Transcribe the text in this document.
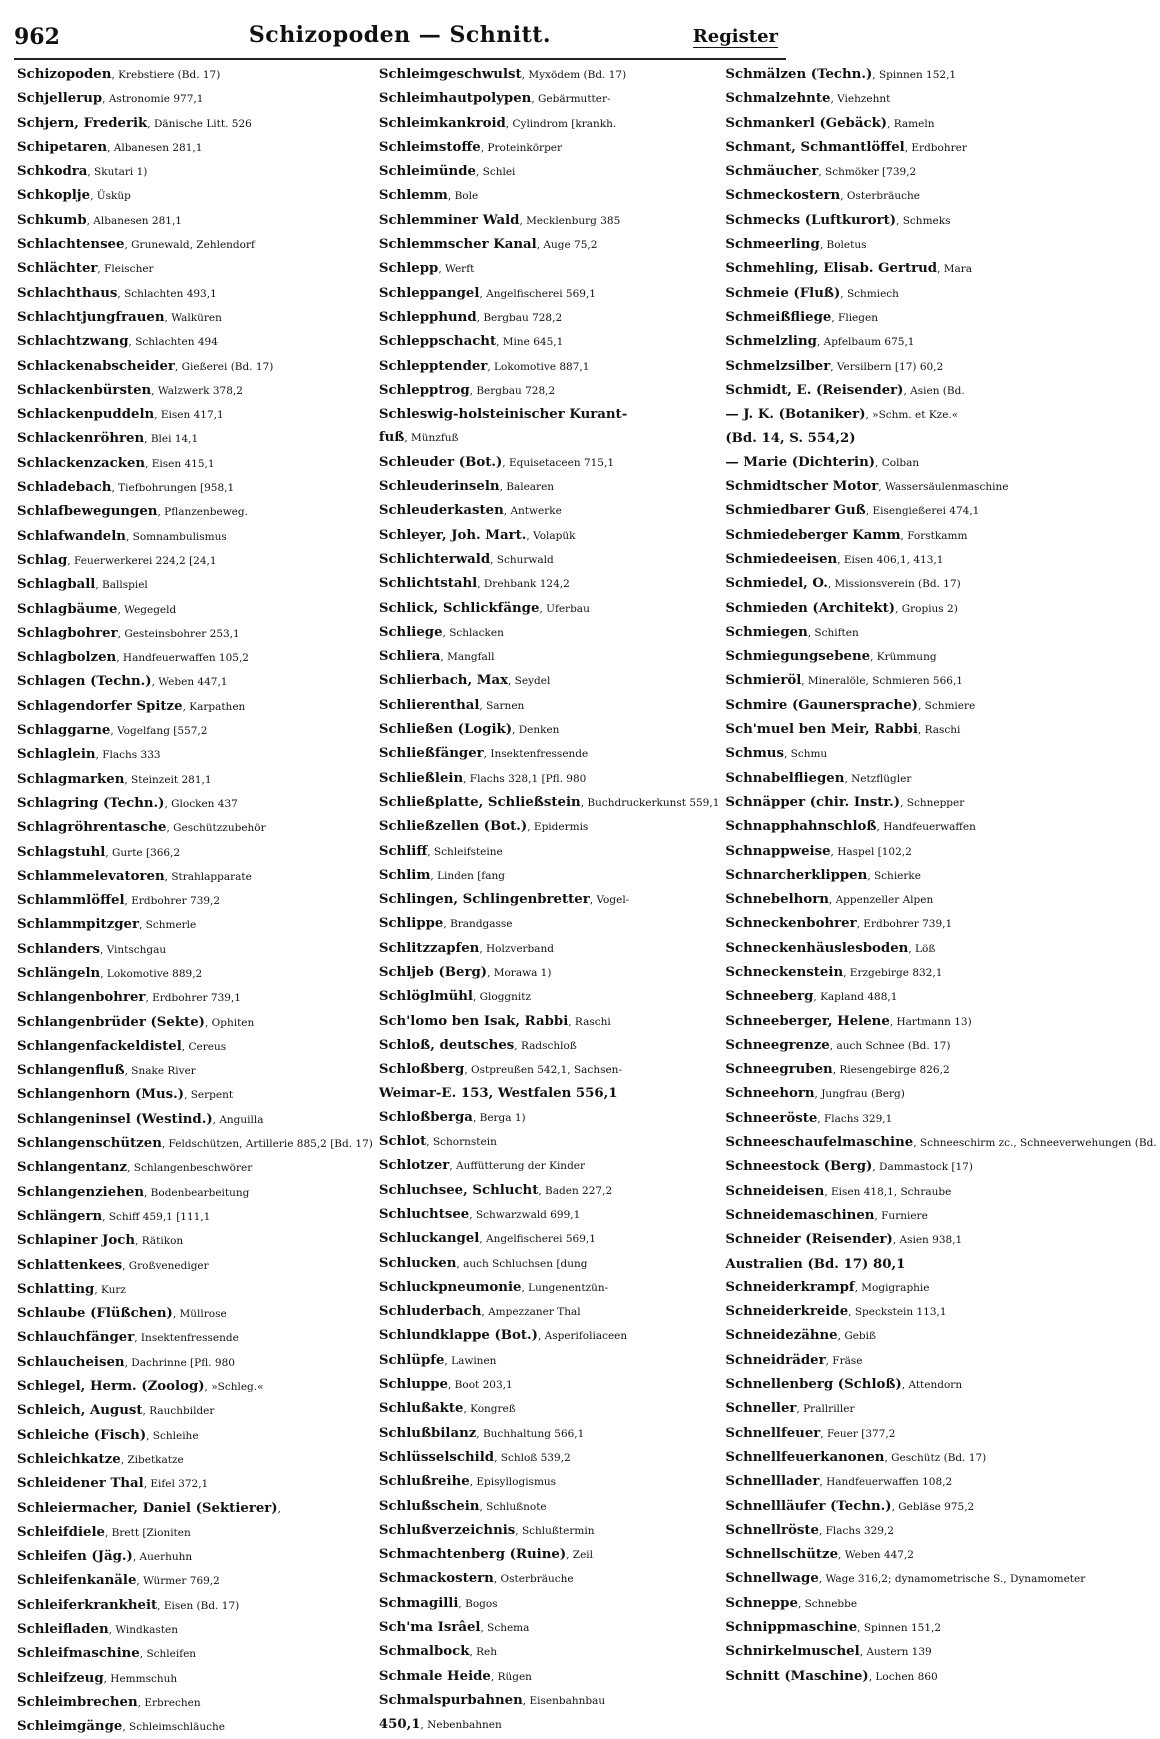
962	Schizopoden — Schnitt.	Register
Schizopoden, Krebstiere (Bd. 17)
Schjellerup, Astronomie 977,1
Schjern, Frederik, Dänische Litt. 526
Schipetaren, Albanesen 281,1
Schkodra, Skutari 1)
Schkoplje, Üsküp
Schkumb, Albanesen 281,1
Schlachtensee, Grunewald, Zehlendorf
Schlächter, Fleischer
Schlachthaus, Schlachten 493,1
Schlachtjungfrauen, Walküren
Schlachtzwang, Schlachten 494
Schlackenabscheider, Gießerei (Bd. 17)
Schlackenbürsten, Walzwerk 378,2
Schlackenpuddeln, Eisen 417,1
Schlackenröhren, Blei 14,1
Schlackenzacken, Eisen 415,1
Schladebach, Tiefbohrungen [958,1
Schlafbewegungen, Pflanzenbeweg.
Schlafwandeln, Somnambulismus
Schlag, Feuerwerkerei 224,2 [24,1
Schlagball, Ballspiel
Schlagbäume, Wegegeld
Schlagbohrer, Gesteinsbohrer 253,1
Schlagbolzen, Handfeuerwaffen 105,2
Schlagen (Techn.), Weben 447,1
Schlagendorfer Spitze, Karpathen
Schlaggarne, Vogelfang [557,2
Schlaglein, Flachs 333
Schlagmarken, Steinzeit 281,1
Schlagring (Techn.), Glocken 437
Schlagröhrentasche, Geschützzubehör
Schlagstuhl, Gurte [366,2
Schlammelevatoren, Strahlapparate
Schlammlöffel, Erdbohrer 739,2
Schlammpitzger, Schmerle
Schlanders, Vintschgau
Schlängeln, Lokomotive 889,2
Schlangenbohrer, Erdbohrer 739,1
Schlangenbrüder (Sekte), Ophiten
Schlangenfackeldistel, Cereus
Schlangenfluß, Snake River
Schlangenhorn (Mus.), Serpent
Schlangeninsel (Westind.), Anguilla
Schlangenschützen, Feldschützen, Artillerie 885,2 [Bd. 17)
Schlangentanz, Schlangenbeschwörer
Schlangenziehen, Bodenbearbeitung
Schlängern, Schiff 459,1 [111,1
Schlapiner Joch, Rätikon
Schlattenkees, Großvenediger
Schlatting, Kurz
Schlaube (Flüßchen), Müllrose
Schlauchfänger, Insektenfressende
Schlaucheisen, Dachrinne [Pfl. 980
Schlegel, Herm. (Zoolog), »Schleg.«
Schleich, August, Rauchbilder
Schleiche (Fisch), Schleihe
Schleichkatze, Zibetkatze
Schleidener Thal, Eifel 372,1
Schleiermacher, Daniel (Sektierer),
Schleifdiele, Brett [Zioniten
Schleifen (Jäg.), Auerhuhn
Schleifenkanäle, Würmer 769,2
Schleiferkrankheit, Eisen (Bd. 17)
Schleifladen, Windkasten
Schleifmaschine, Schleifen
Schleifzeug, Hemmschuh
Schleimbrechen, Erbrechen
Schleimgänge, Schleimschläuche
Schleimgeschwulst, Myxödem (Bd. 17)
Schleimhautpolypen, Gebärmutter-
Schleimkankroid, Cylindrom [krankh.
Schleimstoffe, Proteinkörper
Schleimünde, Schlei
Schlemm, Bole
Schlemminer Wald, Mecklenburg 385
Schlemmscher Kanal, Auge 75,2
Schlepp, Werft
Schleppangel, Angelfischerei 569,1
Schlepphund, Bergbau 728,2
Schleppschacht, Mine 645,1
Schlepptender, Lokomotive 887,1
Schlepptrog, Bergbau 728,2
Schleswig-holsteinischer Kurant-
fuß, Münzfuß
Schleuder (Bot.), Equisetaceen 715,1
Schleuderinseln, Balearen
Schleuderkasten, Antwerke
Schleyer, Joh. Mart., Volapük
Schlichterwald, Schurwald
Schlichtstahl, Drehbank 124,2
Schlick, Schlickfänge, Uferbau
Schliege, Schlacken
Schliera, Mangfall
Schlierbach, Max, Seydel
Schlierenthal, Sarnen
Schließen (Logik), Denken
Schließfänger, Insektenfressende
Schließlein, Flachs 328,1 [Pfl. 980
Schließplatte, Schließstein, Buchdruckerkunst 559,1
Schließzellen (Bot.), Epidermis
Schliff, Schleifsteine
Schlim, Linden [fang
Schlingen, Schlingenbretter, Vogel-
Schlippe, Brandgasse
Schlitzzapfen, Holzverband
Schljeb (Berg), Morawa 1)
Schlöglmühl, Gloggnitz
Sch'lomo ben Isak, Rabbi, Raschi
Schloß, deutsches, Radschloß
Schloßberg, Ostpreußen 542,1, Sachsen-
Weimar-E. 153, Westfalen 556,1
Schloßberga, Berga 1)
Schlot, Schornstein
Schlotzer, Auffütterung der Kinder
Schluchsee, Schlucht, Baden 227,2
Schluchtsee, Schwarzwald 699,1
Schluckangel, Angelfischerei 569,1
Schlucken, auch Schluchsen [dung
Schluckpneumonie, Lungenentzün-
Schluderbach, Ampezzaner Thal
Schlundklappe (Bot.), Asperifoliaceen
Schlüpfe, Lawinen
Schluppe, Boot 203,1
Schlußakte, Kongreß
Schlußbilanz, Buchhaltung 566,1
Schlüsselschild, Schloß 539,2
Schlußreihe, Episyllogismus
Schlußschein, Schlußnote
Schlußverzeichnis, Schlußtermin
Schmachtenberg (Ruine), Zeil
Schmackostern, Osterbräuche
Schmagilli, Bogos
Sch'ma Isrâel, Schema
Schmalbock, Reh
Schmale Heide, Rügen
Schmalspurbahnen, Eisenbahnbau
450,1, Nebenbahnen
Schmälzen (Techn.), Spinnen 152,1
Schmalzehnte, Viehzehnt
Schmankerl (Gebäck), Rameln
Schmant, Schmantlöffel, Erdbohrer
Schmäucher, Schmöker [739,2
Schmeckostern, Osterbräuche
Schmecks (Luftkurort), Schmeks
Schmeerling, Boletus
Schmehling, Elisab. Gertrud, Mara
Schmeie (Fluß), Schmiech
Schmeißfliege, Fliegen
Schmelzling, Apfelbaum 675,1
Schmelzsilber, Versilbern [17) 60,2
Schmidt, E. (Reisender), Asien (Bd.
— J. K. (Botaniker), »Schm. et Kze.«
(Bd. 14, S. 554,2)
— Marie (Dichterin), Colban
Schmidtscher Motor, Wassersäulenmaschine
Schmiedbarer Guß, Eisengießerei 474,1
Schmiedeberger Kamm, Forstkamm
Schmiedeeisen, Eisen 406,1, 413,1
Schmiedel, O., Missionsverein (Bd. 17)
Schmieden (Architekt), Gropius 2)
Schmiegen, Schiften
Schmiegungsebene, Krümmung
Schmieröl, Mineralöle, Schmieren 566,1
Schmire (Gaunersprache), Schmiere
Sch'muel ben Meir, Rabbi, Raschi
Schmus, Schmu
Schnabelfliegen, Netzflügler
Schnäpper (chir. Instr.), Schnepper
Schnapphahnschloß, Handfeuerwaffen
Schnappweise, Haspel [102,2
Schnarcherklippen, Schierke
Schnebelhorn, Appenzeller Alpen
Schneckenbohrer, Erdbohrer 739,1
Schneckenhäuslesboden, Löß
Schneckenstein, Erzgebirge 832,1
Schneeberg, Kapland 488,1
Schneeberger, Helene, Hartmann 13)
Schneegrenze, auch Schnee (Bd. 17)
Schneegruben, Riesengebirge 826,2
Schneehorn, Jungfrau (Berg)
Schneeröste, Flachs 329,1
Schneeschaufelmaschine, Schneeschirm zc., Schneeverwehungen (Bd.
Schneestock (Berg), Dammastock [17)
Schneideisen, Eisen 418,1, Schraube
Schneidemaschinen, Furniere
Schneider (Reisender), Asien 938,1
Australien (Bd. 17) 80,1
Schneiderkrampf, Mogigraphie
Schneiderkreide, Speckstein 113,1
Schneidezähne, Gebiß
Schneidräder, Fräse
Schnellenberg (Schloß), Attendorn
Schneller, Prallriller
Schnellfeuer, Feuer [377,2
Schnellfeuerkanonen, Geschütz (Bd. 17)
Schnelllader, Handfeuerwaffen 108,2
Schnellläufer (Techn.), Gebläse 975,2
Schnellröste, Flachs 329,2
Schnellschütze, Weben 447,2
Schnellwage, Wage 316,2; dynamometrische S., Dynamometer
Schneppe, Schnebbe
Schnippmaschine, Spinnen 151,2
Schnirkelmuschel, Austern 139
Schnitt (Maschine), Lochen 860
